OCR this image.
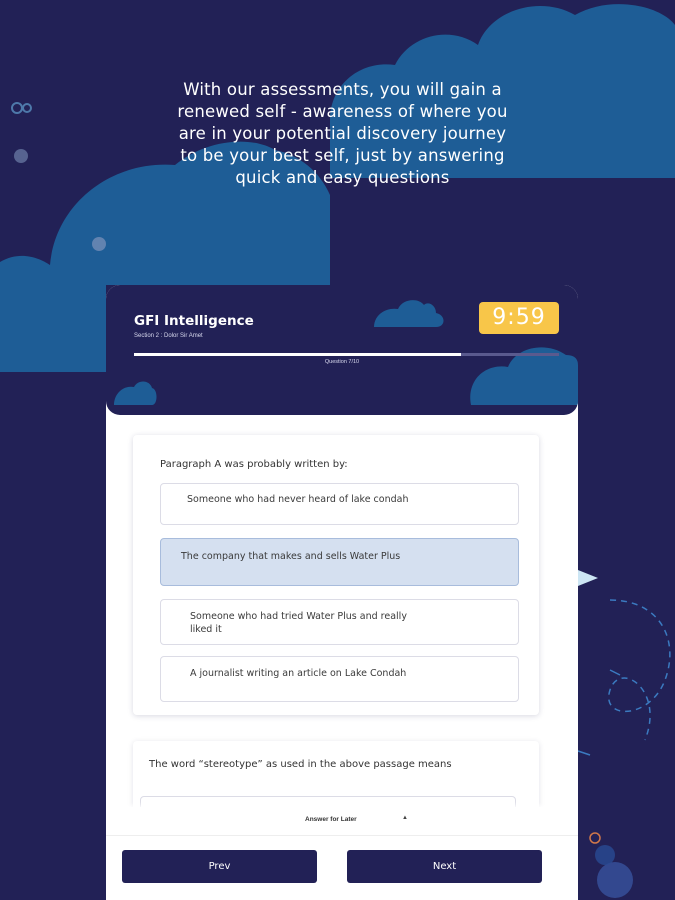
With our assessments, you will gain a renewed self - awareness of where you are in your potential discovery journey to be your best self, just by answering quick and easy questions
GFI Intelligence
Section 2 : Dolor Sir Amet
9:59
Question 7/10
Paragraph A was probably written by:
Someone who had never heard of lake condah
The company that makes and sells Water Plus
Someone who had tried Water Plus and really liked it
A journalist writing an article on Lake Condah
The word “stereotype” as used in the above passage means
Answer for Later	▲
Prev	Next
